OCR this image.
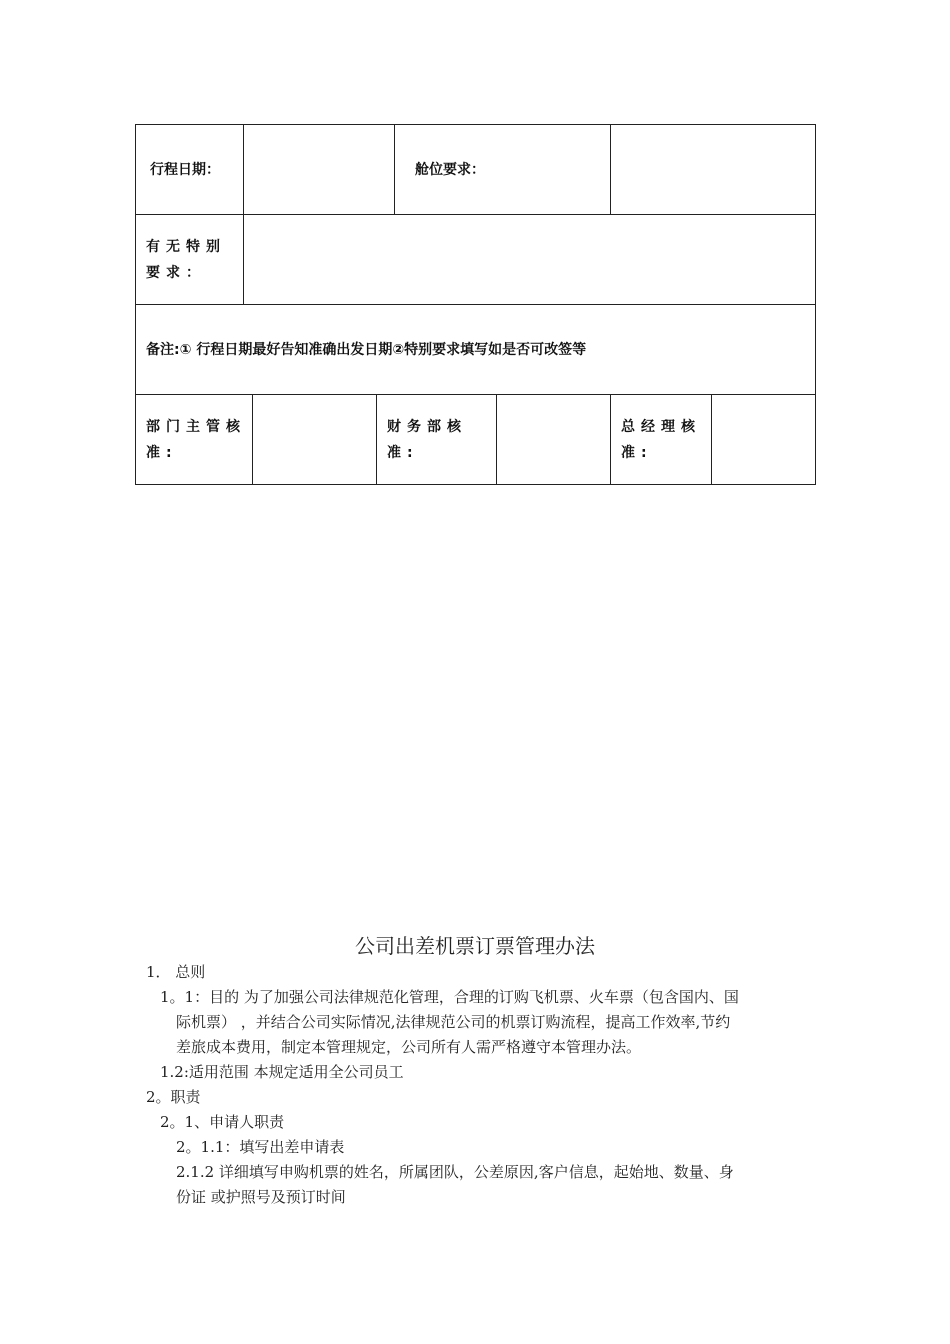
行程日期：				舱位要求：			
有无特别要求：							
备注:① 行程日期最好告知准确出发日期②特别要求填写如是否可改签等							
部门主管核准:			财务部核准:			总经理核准:	
公司出差机票订票管理办法
1． 总则
1。1：目的 为了加强公司法律规范化管理，合理的订购飞机票、火车票（包含国内、国
际机票） ，并结合公司实际情况,法律规范公司的机票订购流程，提高工作效率,节约
差旅成本费用，制定本管理规定，公司所有人需严格遵守本管理办法。
1.2:适用范围 本规定适用全公司员工
2。职责
2。1、申请人职责
2。1.1：填写出差申请表
2.1.2 详细填写申购机票的姓名，所属团队，公差原因,客户信息，起始地、数量、身
份证 或护照号及预订时间
